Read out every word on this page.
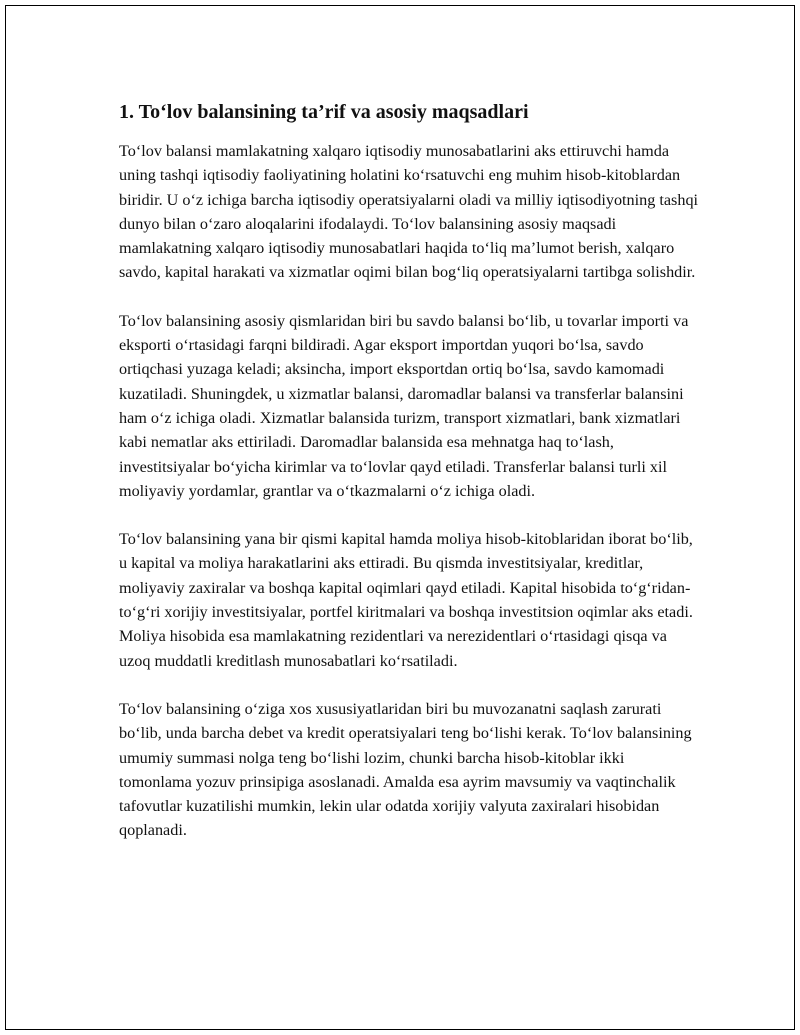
1. To‘lov balansining ta’rif va asosiy maqsadlari

To‘lov balansi mamlakatning xalqaro iqtisodiy munosabatlarini aks ettiruvchi hamda uning tashqi iqtisodiy faoliyatining holatini ko‘rsatuvchi eng muhim hisob-kitoblardan biridir. U o‘z ichiga barcha iqtisodiy operatsiyalarni oladi va milliy iqtisodiyotning tashqi dunyo bilan o‘zaro aloqalarini ifodalaydi. To‘lov balansining asosiy maqsadi mamlakatning xalqaro iqtisodiy munosabatlari haqida to‘liq ma’lumot berish, xalqaro savdo, kapital harakati va xizmatlar oqimi bilan bog‘liq operatsiyalarni tartibga solishdir.

To‘lov balansining asosiy qismlaridan biri bu savdo balansi bo‘lib, u tovarlar importi va eksporti o‘rtasidagi farqni bildiradi. Agar eksport importdan yuqori bo‘lsa, savdo ortiqchasi yuzaga keladi; aksincha, import eksportdan ortiq bo‘lsa, savdo kamomadi kuzatiladi. Shuningdek, u xizmatlar balansi, daromadlar balansi va transferlar balansini ham o‘z ichiga oladi. Xizmatlar balansida turizm, transport xizmatlari, bank xizmatlari kabi nematlar aks ettiriladi. Daromadlar balansida esa mehnatga haq to‘lash, investitsiyalar bo‘yicha kirimlar va to‘lovlar qayd etiladi. Transferlar balansi turli xil moliyaviy yordamlar, grantlar va o‘tkazmalarni o‘z ichiga oladi.

To‘lov balansining yana bir qismi kapital hamda moliya hisob-kitoblaridan iborat bo‘lib, u kapital va moliya harakatlarini aks ettiradi. Bu qismda investitsiyalar, kreditlar, moliyaviy zaxiralar va boshqa kapital oqimlari qayd etiladi. Kapital hisobida to‘g‘ridan-to‘g‘ri xorijiy investitsiyalar, portfel kiritmalari va boshqa investitsion oqimlar aks etadi. Moliya hisobida esa mamlakatning rezidentlari va nerezidentlari o‘rtasidagi qisqa va uzoq muddatli kreditlash munosabatlari ko‘rsatiladi.

To‘lov balansining o‘ziga xos xususiyatlaridan biri bu muvozanatni saqlash zarurati bo‘lib, unda barcha debet va kredit operatsiyalari teng bo‘lishi kerak. To‘lov balansining umumiy summasi nolga teng bo‘lishi lozim, chunki barcha hisob-kitoblar ikki tomonlama yozuv prinsipiga asoslanadi. Amalda esa ayrim mavsumiy va vaqtinchalik tafovutlar kuzatilishi mumkin, lekin ular odatda xorijiy valyuta zaxiralari hisobidan qoplanadi.
